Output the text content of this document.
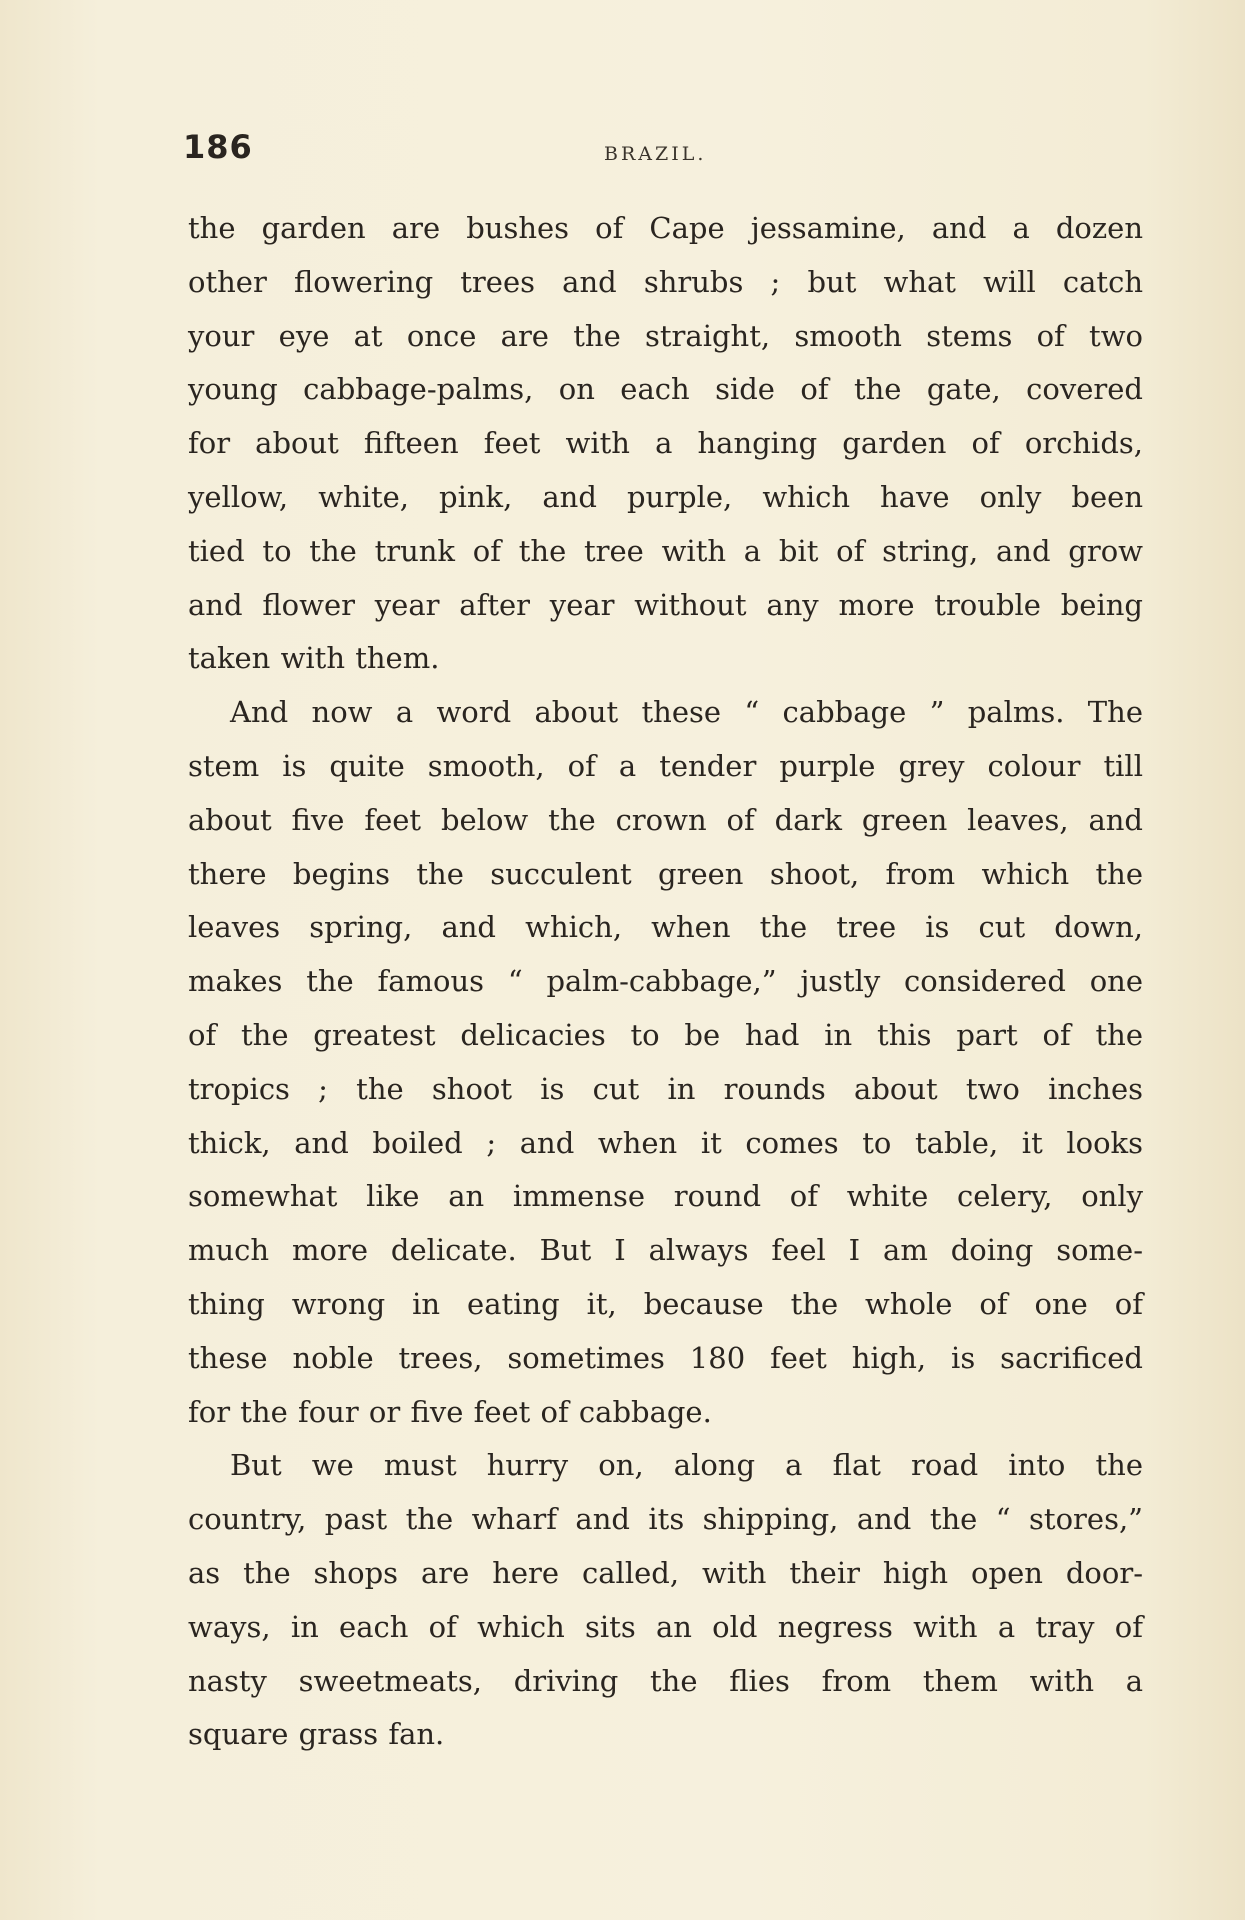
186	BRAZIL.
the garden are bushes of Cape jessamine, and a dozen
other flowering trees and shrubs ; but what will catch
your eye at once are the straight, smooth stems of two
young cabbage-palms, on each side of the gate, covered
for about fifteen feet with a hanging garden of orchids,
yellow, white, pink, and purple, which have only been
tied to the trunk of the tree with a bit of string, and grow
and flower year after year without any more trouble being
taken with them.
And now a word about these “ cabbage ” palms. The
stem is quite smooth, of a tender purple grey colour till
about five feet below the crown of dark green leaves, and
there begins the succulent green shoot, from which the
leaves spring, and which, when the tree is cut down,
makes the famous “ palm-cabbage,” justly considered one
of the greatest delicacies to be had in this part of the
tropics ; the shoot is cut in rounds about two inches
thick, and boiled ; and when it comes to table, it looks
somewhat like an immense round of white celery, only
much more delicate. But I always feel I am doing some-
thing wrong in eating it, because the whole of one of
these noble trees, sometimes 180 feet high, is sacrificed
for the four or five feet of cabbage.
But we must hurry on, along a flat road into the
country, past the wharf and its shipping, and the “ stores,”
as the shops are here called, with their high open door-
ways, in each of which sits an old negress with a tray of
nasty sweetmeats, driving the flies from them with a
square grass fan.
